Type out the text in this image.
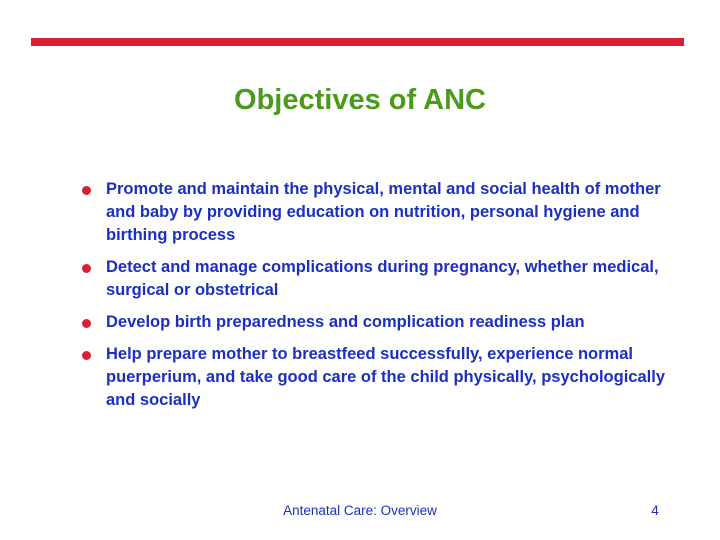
Objectives of ANC
Promote and maintain the physical, mental and social health of mother and baby by providing education on nutrition, personal hygiene and birthing process
Detect and manage complications during pregnancy, whether medical, surgical or obstetrical
Develop birth preparedness and complication readiness plan
Help prepare mother to breastfeed successfully, experience normal puerperium, and take good care of the child physically, psychologically and socially
Antenatal Care: Overview	4
